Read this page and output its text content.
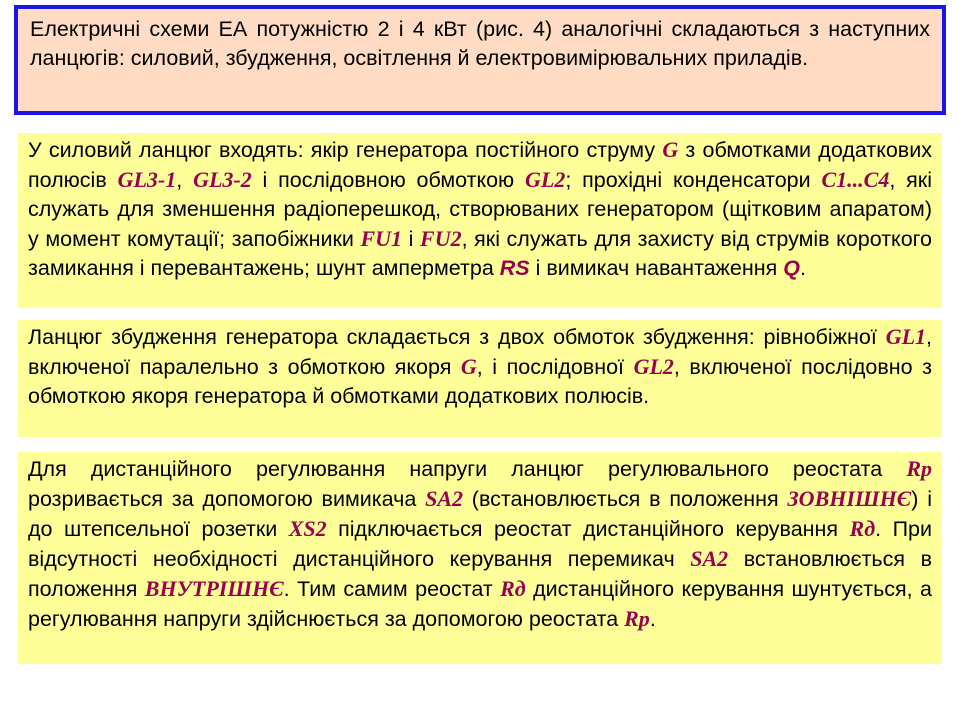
Електричні схеми ЕА потужністю 2 і 4 кВт (рис. 4) аналогічні складаються з наступних ланцюгів: силовий, збудження, освітлення й електровимірювальних приладів.
У силовий ланцюг входять: якір генератора постійного струму G з обмотками додаткових полюсів GL3-1, GL3-2 і послідовною обмоткою GL2; прохідні конденсатори C1...C4, які служать для зменшення радіоперешкод, створюваних генератором (щітковим апаратом) у момент комутації; запобіжники FU1 і FU2, які служать для захисту від струмів короткого замикання і перевантажень; шунт амперметра RS і вимикач навантаження Q.
Ланцюг збудження генератора складається з двох обмоток збудження: рівнобіжної GL1, включеної паралельно з обмоткою якоря G, і послідовної GL2, включеної послідовно з обмоткою якоря генератора й обмотками додаткових полюсів.
Для дистанційного регулювання напруги ланцюг регулювального реостата Rp розривається за допомогою вимикача SA2 (встановлюється в положення ЗОВНІШНЄ) і до штепсельної розетки XS2 підключається реостат дистанційного керування Rд. При відсутності необхідності дистанційного керування перемикач SA2 встановлюється в положення ВНУТРІШНЄ. Тим самим реостат Rд дистанційного керування шунтується, а регулювання напруги здійснюється за допомогою реостата Rp.
